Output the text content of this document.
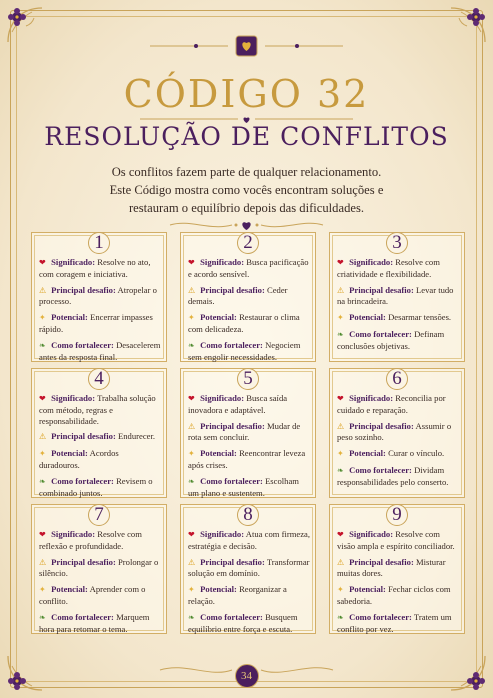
CÓDIGO 32
RESOLUÇÃO DE CONFLITOS

Os conflitos fazem parte de qualquer relacionamento.

Este Código mostra como vocês encontram soluções e

restauram o equilíbrio depois das dificuldades.

1

❤ Significado: Resolve no ato, com coragem e iniciativa.

⚠ Principal desafio: Atropelar o processo.

✦ Potencial: Encerrar impasses rápido.

❧ Como fortalecer: Desacelerem antes da resposta final.

2

❤ Significado: Busca pacificação e acordo sensível.

⚠ Principal desafio: Ceder demais.

✦ Potencial: Restaurar o clima com delicadeza.

❧ Como fortalecer: Negociem sem engolir necessidades.

3

❤ Significado: Resolve com criatividade e flexibilidade.

⚠ Principal desafio: Levar tudo na brincadeira.

✦ Potencial: Desarmar tensões.

❧ Como fortalecer: Definam conclusões objetivas.

4

❤ Significado: Trabalha solução com método, regras e responsabilidade.

⚠ Principal desafio: Endurecer.

✦ Potencial: Acordos duradouros.

❧ Como fortalecer: Revisem o combinado juntos.

5

❤ Significado: Busca saída inovadora e adaptável.

⚠ Principal desafio: Mudar de rota sem concluir.

✦ Potencial: Reencontrar leveza após crises.

❧ Como fortalecer: Escolham um plano e sustentem.

6

❤ Significado: Reconcilia por cuidado e reparação.

⚠ Principal desafio: Assumir o peso sozinho.

✦ Potencial: Curar o vínculo.

❧ Como fortalecer: Dividam responsabilidades pelo conserto.

7

❤ Significado: Resolve com reflexão e profundidade.

⚠ Principal desafio: Prolongar o silêncio.

✦ Potencial: Aprender com o conflito.

❧ Como fortalecer: Marquem hora para retomar o tema.

8

❤ Significado: Atua com firmeza, estratégia e decisão.

⚠ Principal desafio: Transformar solução em domínio.

✦ Potencial: Reorganizar a relação.

❧ Como fortalecer: Busquem equilíbrio entre força e escuta.

9

❤ Significado: Resolve com visão ampla e espírito conciliador.

⚠ Principal desafio: Misturar muitas dores.

✦ Potencial: Fechar ciclos com sabedoria.

❧ Como fortalecer: Tratem um conflito por vez.

34
